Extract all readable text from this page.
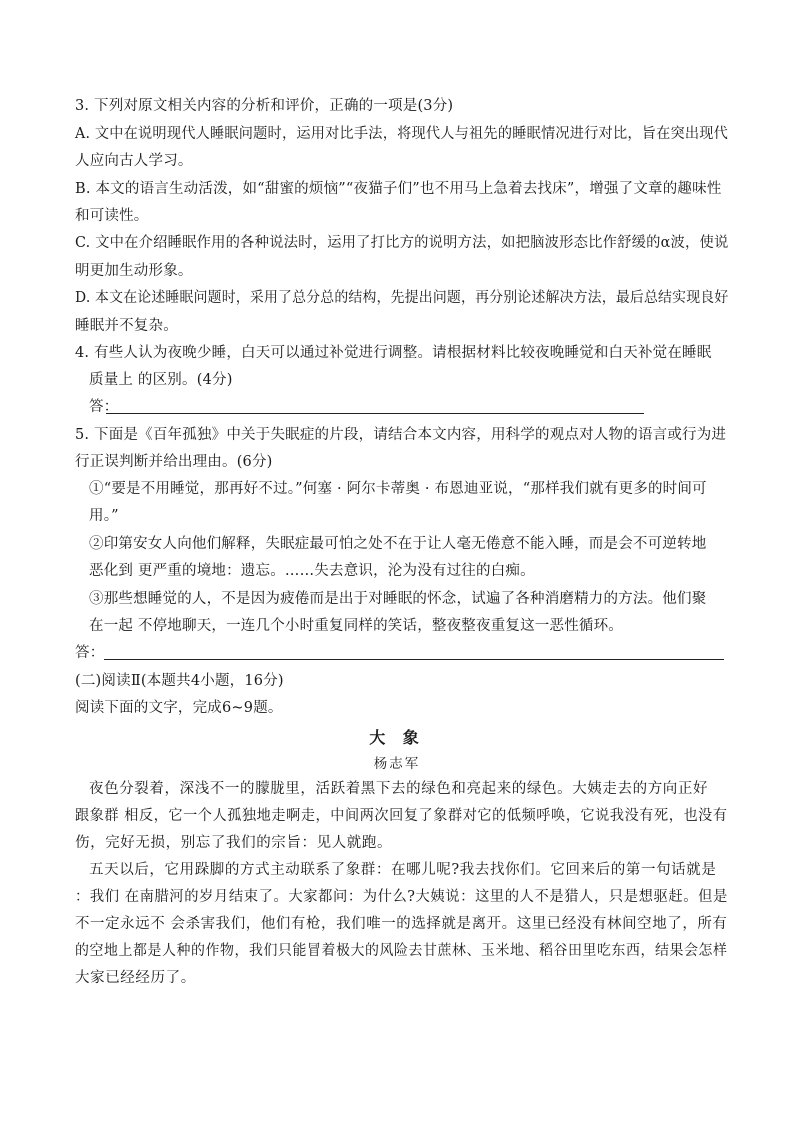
3. 下列对原文相关内容的分析和评价，正确的一项是(3分)
A. 文中在说明现代人睡眠问题时，运用对比手法，将现代人与祖先的睡眠情况进行对比，旨在突出现代
人应向古人学习。
B. 本文的语言生动活泼，如“甜蜜的烦恼”“夜猫子们”也不用马上急着去找床”，增强了文章的趣味性
和可读性。
C. 文中在介绍睡眠作用的各种说法时，运用了打比方的说明方法，如把脑波形态比作舒缓的α波，使说
明更加生动形象。
D. 本文在论述睡眠问题时，采用了总分总的结构，先提出问题，再分别论述解决方法，最后总结实现良好
睡眠并不复杂。
4. 有些人认为夜晚少睡，白天可以通过补觉进行调整。请根据材料比较夜晚睡觉和白天补觉在睡眠
质量上 的区别。(4分)
答：
5. 下面是《百年孤独》中关于失眠症的片段，请结合本文内容，用科学的观点对人物的语言或行为进
行正误判断并给出理由。(6分)
①“要是不用睡觉，那再好不过。”何塞 · 阿尔卡蒂奥 · 布恩迪亚说，“那样我们就有更多的时间可
用。”
②印第安女人向他们解释，失眠症最可怕之处不在于让人毫无倦意不能入睡，而是会不可逆转地
恶化到 更严重的境地：遗忘。……失去意识，沦为没有过往的白痴。
③那些想睡觉的人，不是因为疲倦而是出于对睡眠的怀念，试遍了各种消磨精力的方法。他们聚
在一起 不停地聊天，一连几个小时重复同样的笑话，整夜整夜重复这一恶性循环。
答：
(二)阅读Ⅱ(本题共4小题，16分)
阅读下面的文字，完成6~9题。
大 象
杨志军
夜色分裂着，深浅不一的朦胧里，活跃着黑下去的绿色和亮起来的绿色。大姨走去的方向正好
跟象群 相反，它一个人孤独地走啊走，中间两次回复了象群对它的低频呼唤，它说我没有死，也没有
伤，完好无损，别忘了我们的宗旨：见人就跑。
五天以后，它用跺脚的方式主动联系了象群：在哪儿呢?我去找你们。它回来后的第一句话就是
：我们 在南腊河的岁月结束了。大家都问：为什么?大姨说：这里的人不是猎人，只是想驱赶。但是
不一定永远不 会杀害我们，他们有枪，我们唯一的选择就是离开。这里已经没有林间空地了，所有
的空地上都是人种的作物，我们只能冒着极大的风险去甘蔗林、玉米地、稻谷田里吃东西，结果会怎样
大家已经经历了。
